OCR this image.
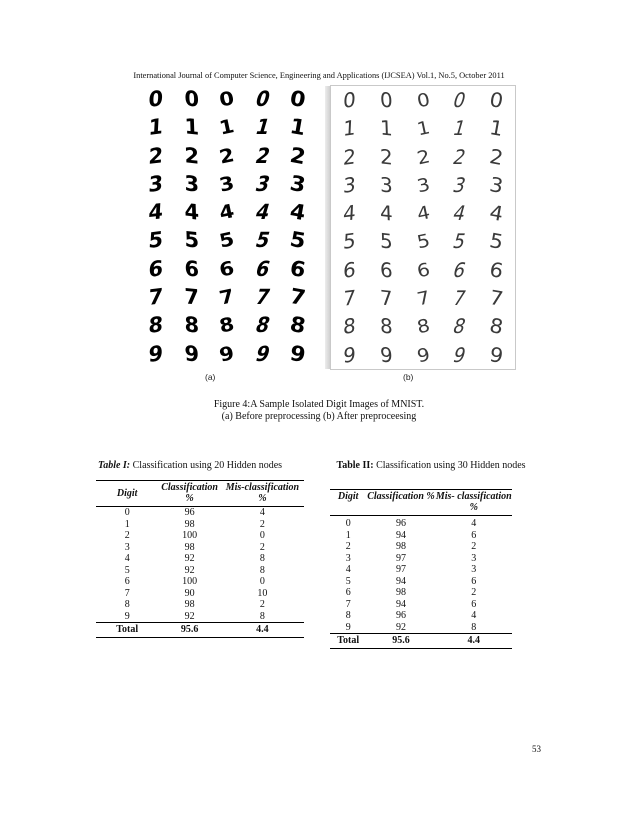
International Journal of Computer Science, Engineering and Applications (IJCSEA) Vol.1, No.5, October 2011
0 0 0 0 0
1 1 1 1 1
2 2 2 2 2
3 3 3 3 3
4 4 4 4 4
5 5 5 5 5
6 6 6 6 6
7 7 7 7 7
8 8 8 8 8
9 9 9 9 9
0	0	0 0 0
1	1	1 1 1
2	2	2 2 2
3	3	3 3 3
4	4	4 4 4
5	5	5 5 5
6	6	6 6 6
7	7	7 7 7
8	8	8 8 8
9	9	9 9 9
(a)	(b)
Figure 4:A Sample Isolated Digit Images of MNIST.
(a) Before preprocessing (b) After preproceesing
Table I: Classification using 20 Hidden nodes
Digit	Classification %	Mis-classification %
0	96	4
1	98	2
2	100	0
3	98	2
4	92	8
5	92	8
6	100	0
7	90	10
8	98	2
9	92	8
Total	95.6	4.4
Table II: Classification using 30 Hidden nodes
Digit	Classification %	Mis- classification %
0	96	4
1	94	6
2	98	2
3	97	3
4	97	3
5	94	6
6	98	2
7	94	6
8	96	4
9	92	8
Total	95.6	4.4
53
